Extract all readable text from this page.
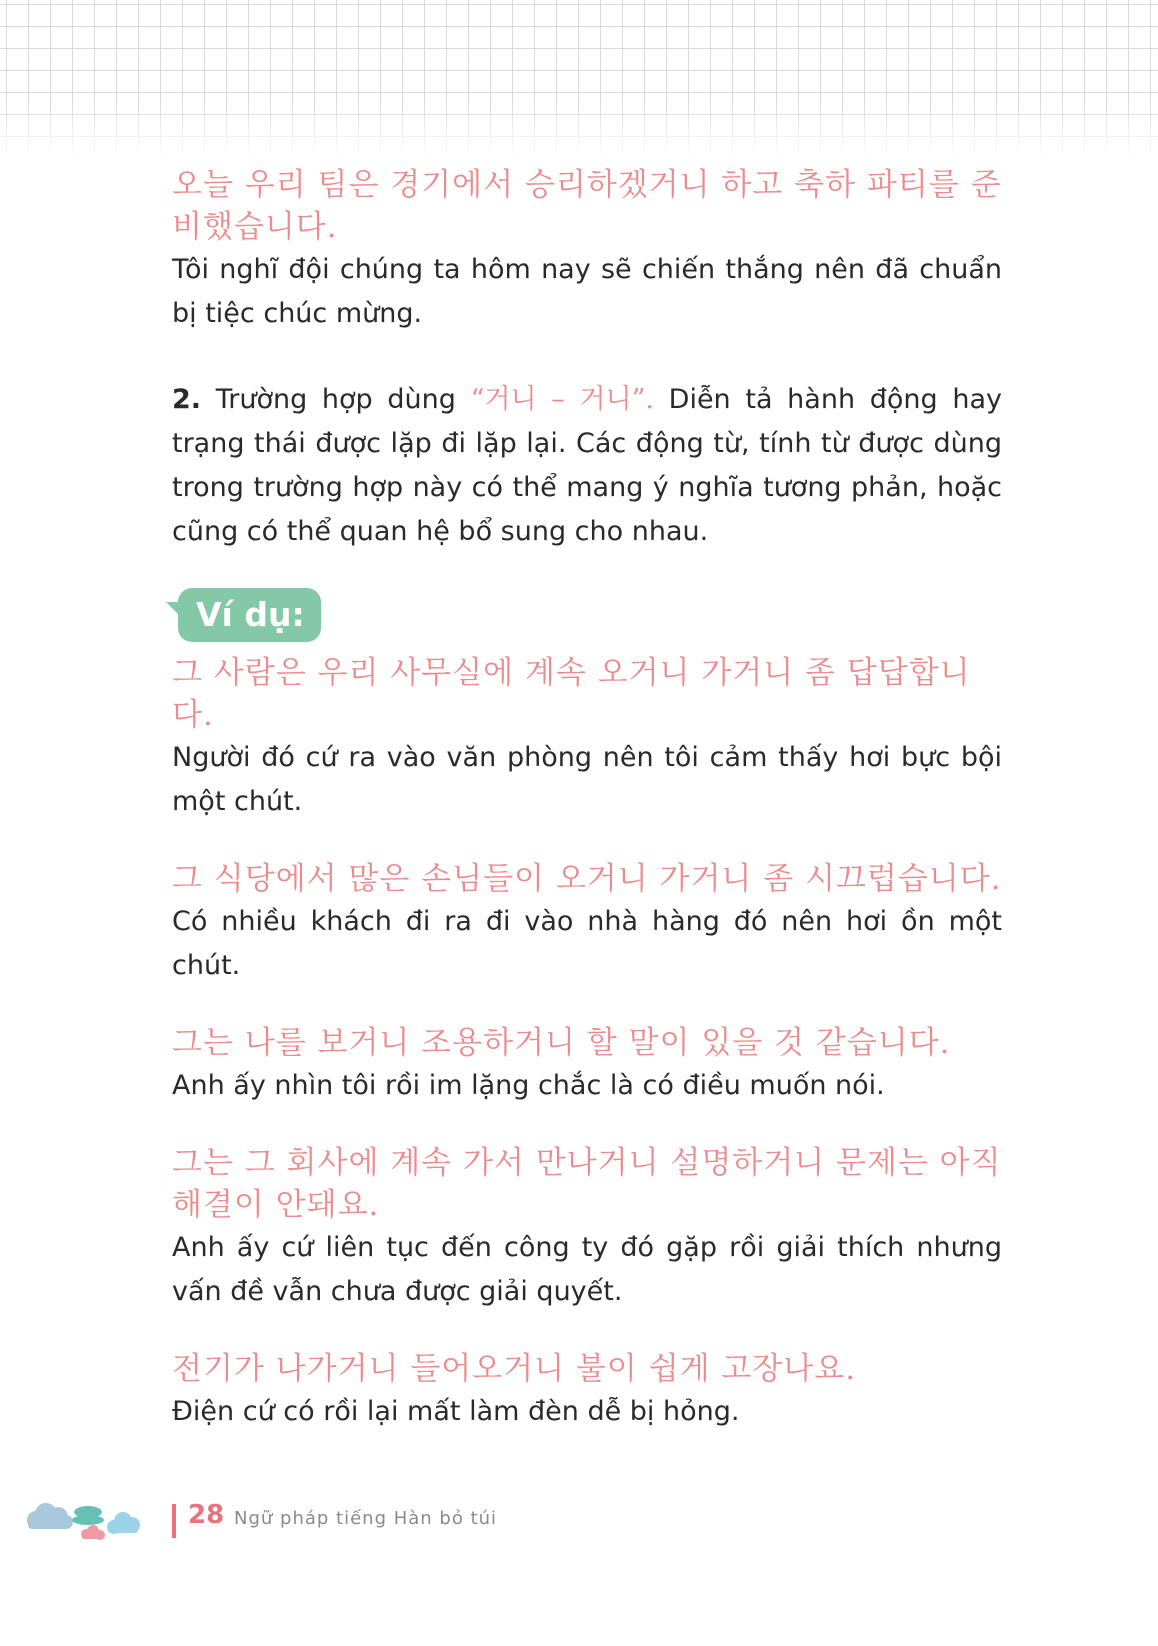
오늘 우리 팀은 경기에서 승리하겠거니 하고 축하 파티를 준비했습니다.

Tôi nghĩ đội chúng ta hôm nay sẽ chiến thắng nên đã chuẩn bị tiệc chúc mừng.

2. Trường hợp dùng “거니 – 거니”. Diễn tả hành động hay trạng thái được lặp đi lặp lại. Các động từ, tính từ được dùng trong trường hợp này có thể mang ý nghĩa tương phản, hoặc cũng có thể quan hệ bổ sung cho nhau.

Ví dụ:

그 사람은 우리 사무실에 계속 오거니 가거니 좀 답답합니다.

Người đó cứ ra vào văn phòng nên tôi cảm thấy hơi bực bội một chút.

그 식당에서 많은 손님들이 오거니 가거니 좀 시끄럽습니다.

Có nhiều khách đi ra đi vào nhà hàng đó nên hơi ồn một chút.

그는 나를 보거니 조용하거니 할 말이 있을 것 같습니다.

Anh ấy nhìn tôi rồi im lặng chắc là có điều muốn nói.

그는 그 회사에 계속 가서 만나거니 설명하거니 문제는 아직 해결이 안돼요.

Anh ấy cứ liên tục đến công ty đó gặp rồi giải thích nhưng vấn đề vẫn chưa được giải quyết.

전기가 나가거니 들어오거니 불이 쉽게 고장나요.

Điện cứ có rồi lại mất làm đèn dễ bị hỏng.

28 Ngữ pháp tiếng Hàn bỏ túi
